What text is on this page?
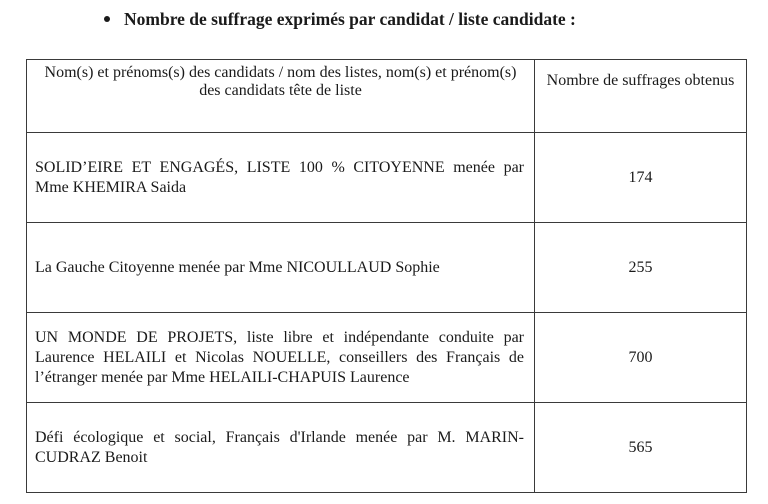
Nombre de suffrage exprimés par candidat / liste candidate :
Nom(s) et prénoms(s) des candidats / nom des listes, nom(s) et prénom(s) des candidats tête de liste	Nombre de suffrages obtenus
SOLID’EIRE ET ENGAGÉS, LISTE 100 % CITOYENNE menée par Mme KHEMIRA Saida	174
La Gauche Citoyenne menée par Mme NICOULLAUD Sophie	255
UN MONDE DE PROJETS, liste libre et indépendante conduite par Laurence HELAILI et Nicolas NOUELLE, conseillers des Français de l’étranger menée par Mme HELAILI-CHAPUIS Laurence	700
Défi écologique et social, Français d'Irlande menée par M. MARIN-CUDRAZ Benoit	565
